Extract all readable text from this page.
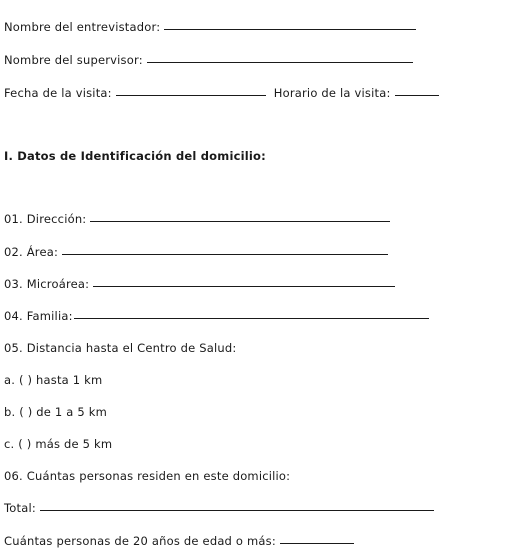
Nombre del entrevistador:
Nombre del supervisor:
Fecha de la visita:	Horario de la visita:
I. Datos de Identificación del domicilio:
01. Dirección:
02. Área:
03. Microárea:
04. Familia:
05. Distancia hasta el Centro de Salud:
a. ( ) hasta 1 km
b. ( ) de 1 a 5 km
c. ( ) más de 5 km
06. Cuántas personas residen en este domicilio:
Total:
Cuántas personas de 20 años de edad o más:
